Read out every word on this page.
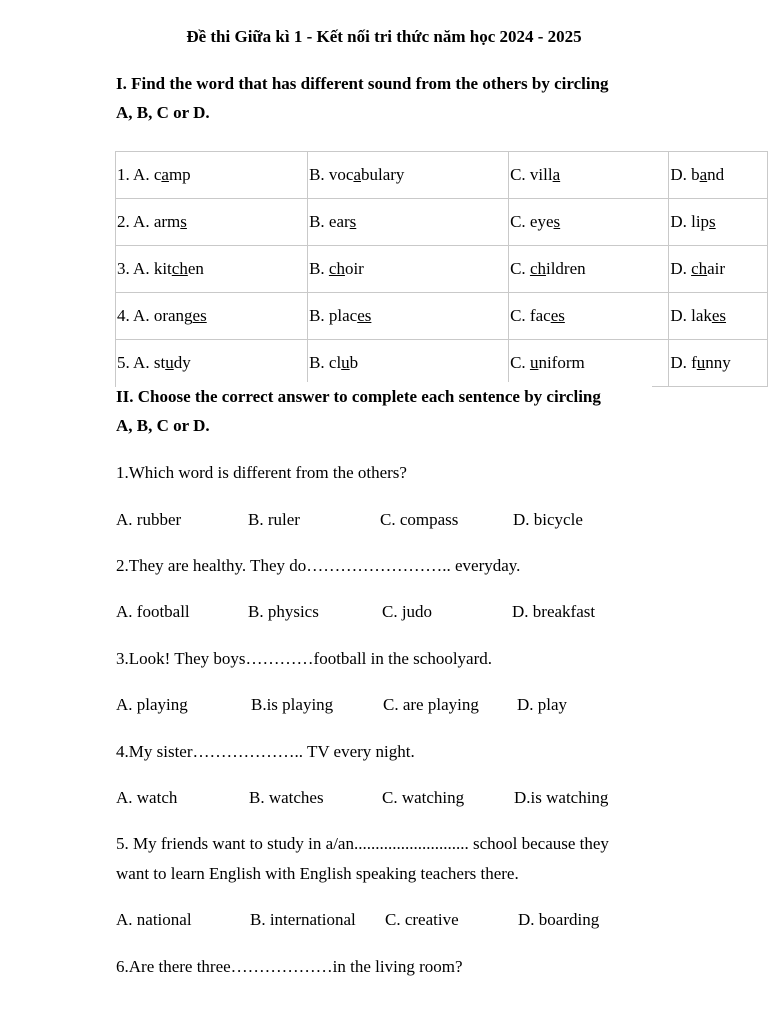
Đề thi Giữa kì 1 - Kết nối tri thức năm học 2024 - 2025
I. Find the word that has different sound from the others by circling
A, B, C or D.
1. A. camp	B. vocabulary	C. villa	D. band
2. A. arms	B. ears	C. eyes	D. lips
3. A. kitchen	B. choir	C. children	D. chair
4. A. oranges	B. places	C. faces	D. lakes
5. A. study	B. club	C. uniform	D. funny
II. Choose the correct answer to complete each sentence by circling
A, B, C or D.
1.Which word is different from the others?
A. rubber	B. ruler	C. compass	D. bicycle
2.They are healthy. They do…………………….. everyday.
A. football	B. physics	C. judo	D. breakfast
3.Look! They boys…………football in the schoolyard.
A. playing	B.is playing	C. are playing D. play
4.My sister……………….. TV every night.
A. watch	B. watches	C. watching	D.is watching
5. My friends want to study in a/an........................... school because they
want to learn English with English speaking teachers there.
A. national	B. international C. creative	D. boarding
6.Are there three………………in the living room?
